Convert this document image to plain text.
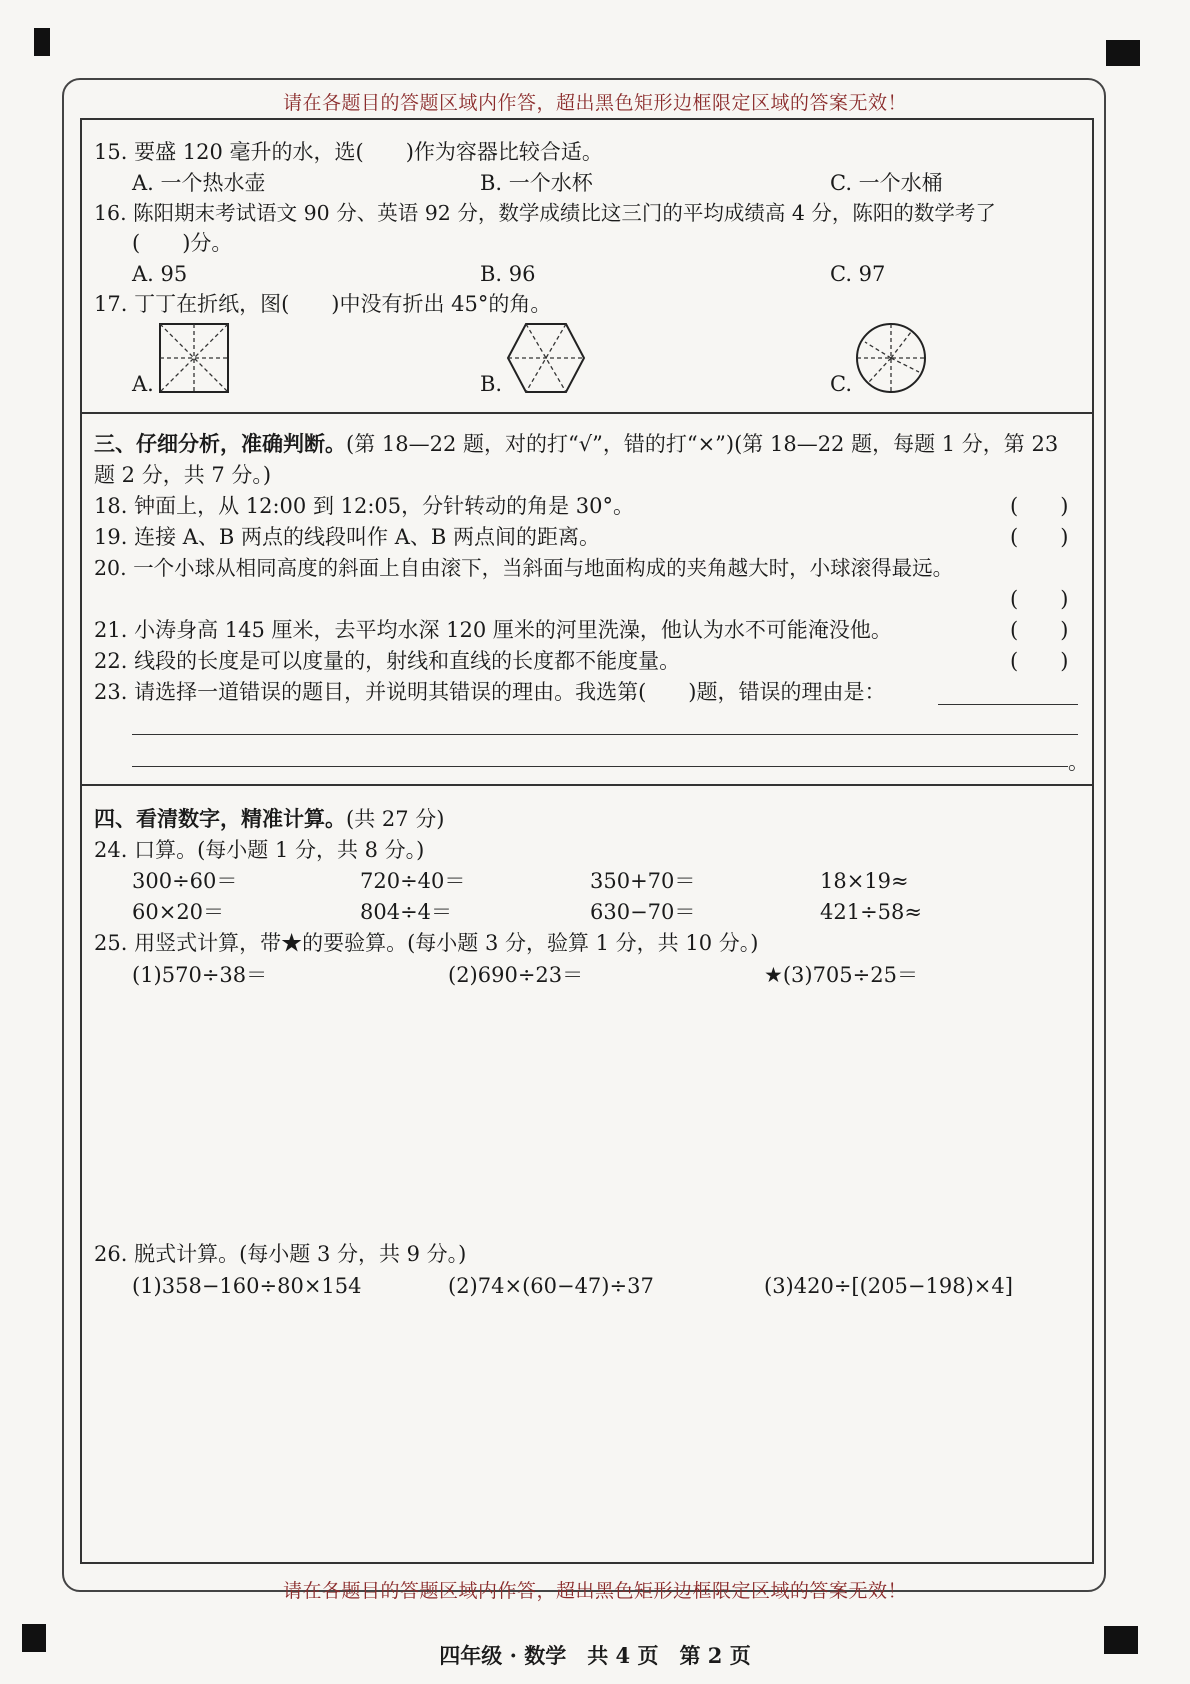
请在各题目的答题区域内作答，超出黑色矩形边框限定区域的答案无效！
请在各题目的答题区域内作答，超出黑色矩形边框限定区域的答案无效！
15. 要盛 120 毫升的水，选(　　)作为容器比较合适。
A. 一个热水壶	B. 一个水杯	C. 一个水桶
16. 陈阳期末考试语文 90 分、英语 92 分，数学成绩比这三门的平均成绩高 4 分，陈阳的数学考了
(　　)分。
A. 95	B. 96	C. 97
17. 丁丁在折纸，图(　　)中没有折出 45°的角。
A.	B.	C.
三、仔细分析，准确判断。(第 18—22 题，对的打“√”，错的打“×”)(第 18—22 题，每题 1 分，第 23
题 2 分，共 7 分。)
18. 钟面上，从 12:00 到 12:05，分针转动的角是 30°。	(　　)
19. 连接 A、B 两点的线段叫作 A、B 两点间的距离。	(　　)
20. 一个小球从相同高度的斜面上自由滚下，当斜面与地面构成的夹角越大时，小球滚得最远。
(　　)
21. 小涛身高 145 厘米，去平均水深 120 厘米的河里洗澡，他认为水不可能淹没他。	(　　)
22. 线段的长度是可以度量的，射线和直线的长度都不能度量。	(　　)
23. 请选择一道错误的题目，并说明其错误的理由。我选第(　　)题，错误的理由是：
。
四、看清数字，精准计算。(共 27 分)
24. 口算。(每小题 1 分，共 8 分。)
300÷60＝	720÷40＝	350+70＝	18×19≈
60×20＝	804÷4＝	630−70＝	421÷58≈
25. 用竖式计算，带★的要验算。(每小题 3 分，验算 1 分，共 10 分。)
(1)570÷38＝	(2)690÷23＝	★(3)705÷25＝
26. 脱式计算。(每小题 3 分，共 9 分。)
(1)358−160÷80×154	(2)74×(60−47)÷37	(3)420÷[(205−198)×4]
四年级 · 数学　共 4 页　第 2 页
